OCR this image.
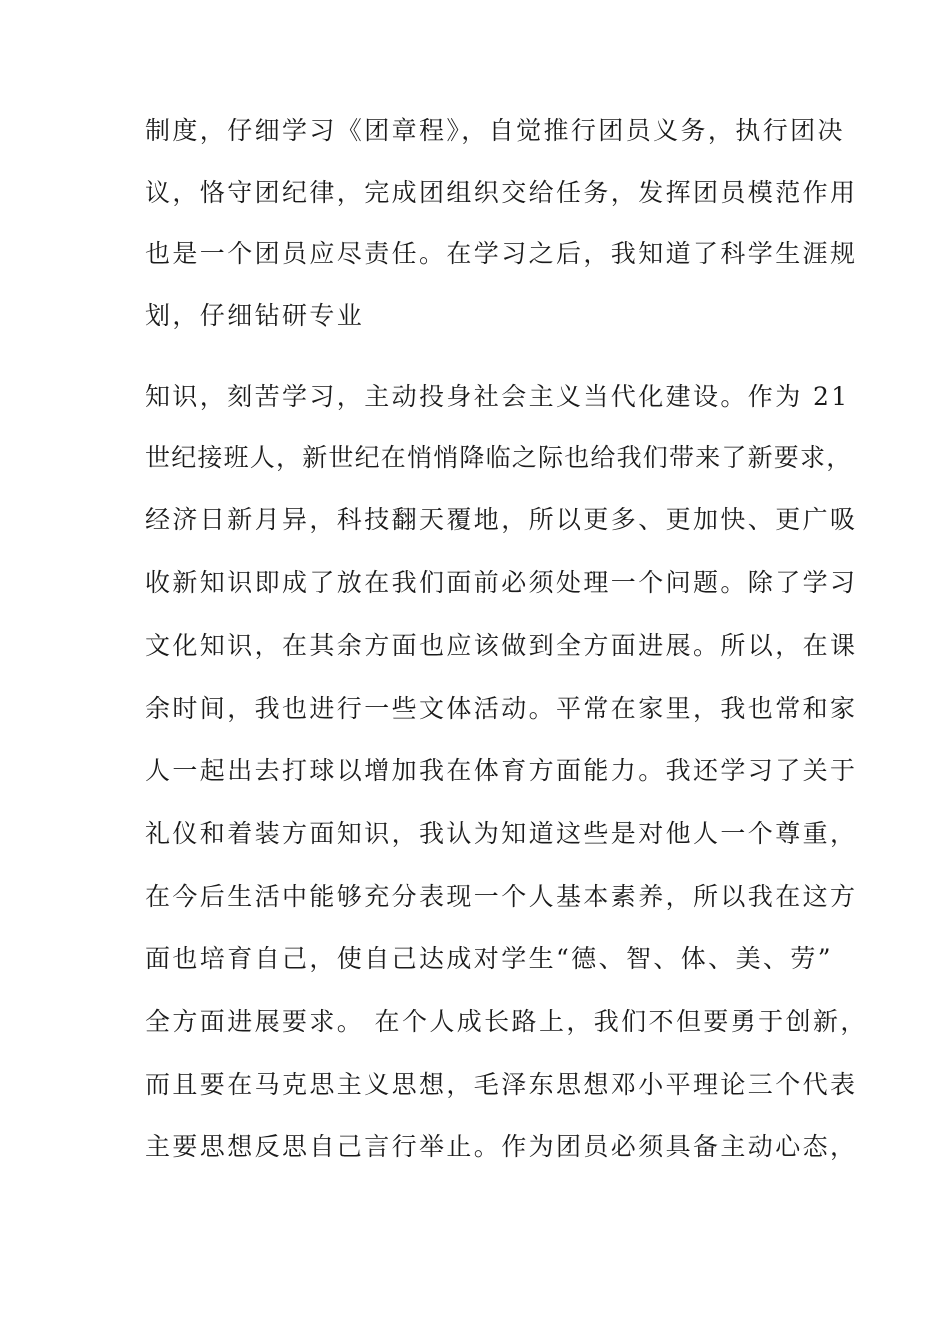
制度，仔细学习《团章程》，自觉推行团员义务，执行团决
议，恪守团纪律，完成团组织交给任务，发挥团员模范作用
也是一个团员应尽责任。在学习之后，我知道了科学生涯规
划，仔细钻研专业
知识，刻苦学习，主动投身社会主义当代化建设。作为 21
世纪接班人，新世纪在悄悄降临之际也给我们带来了新要求，
经济日新月异，科技翻天覆地，所以更多、更加快、更广吸
收新知识即成了放在我们面前必须处理一个问题。除了学习
文化知识，在其余方面也应该做到全方面进展。所以，在课
余时间，我也进行一些文体活动。平常在家里，我也常和家
人一起出去打球以增加我在体育方面能力。我还学习了关于
礼仪和着装方面知识，我认为知道这些是对他人一个尊重，
在今后生活中能够充分表现一个人基本素养，所以我在这方
面也培育自己，使自己达成对学生“德、智、体、美、劳”
全方面进展要求。 在个人成长路上，我们不但要勇于创新，
而且要在马克思主义思想，毛泽东思想邓小平理论三个代表
主要思想反思自己言行举止。作为团员必须具备主动心态，
